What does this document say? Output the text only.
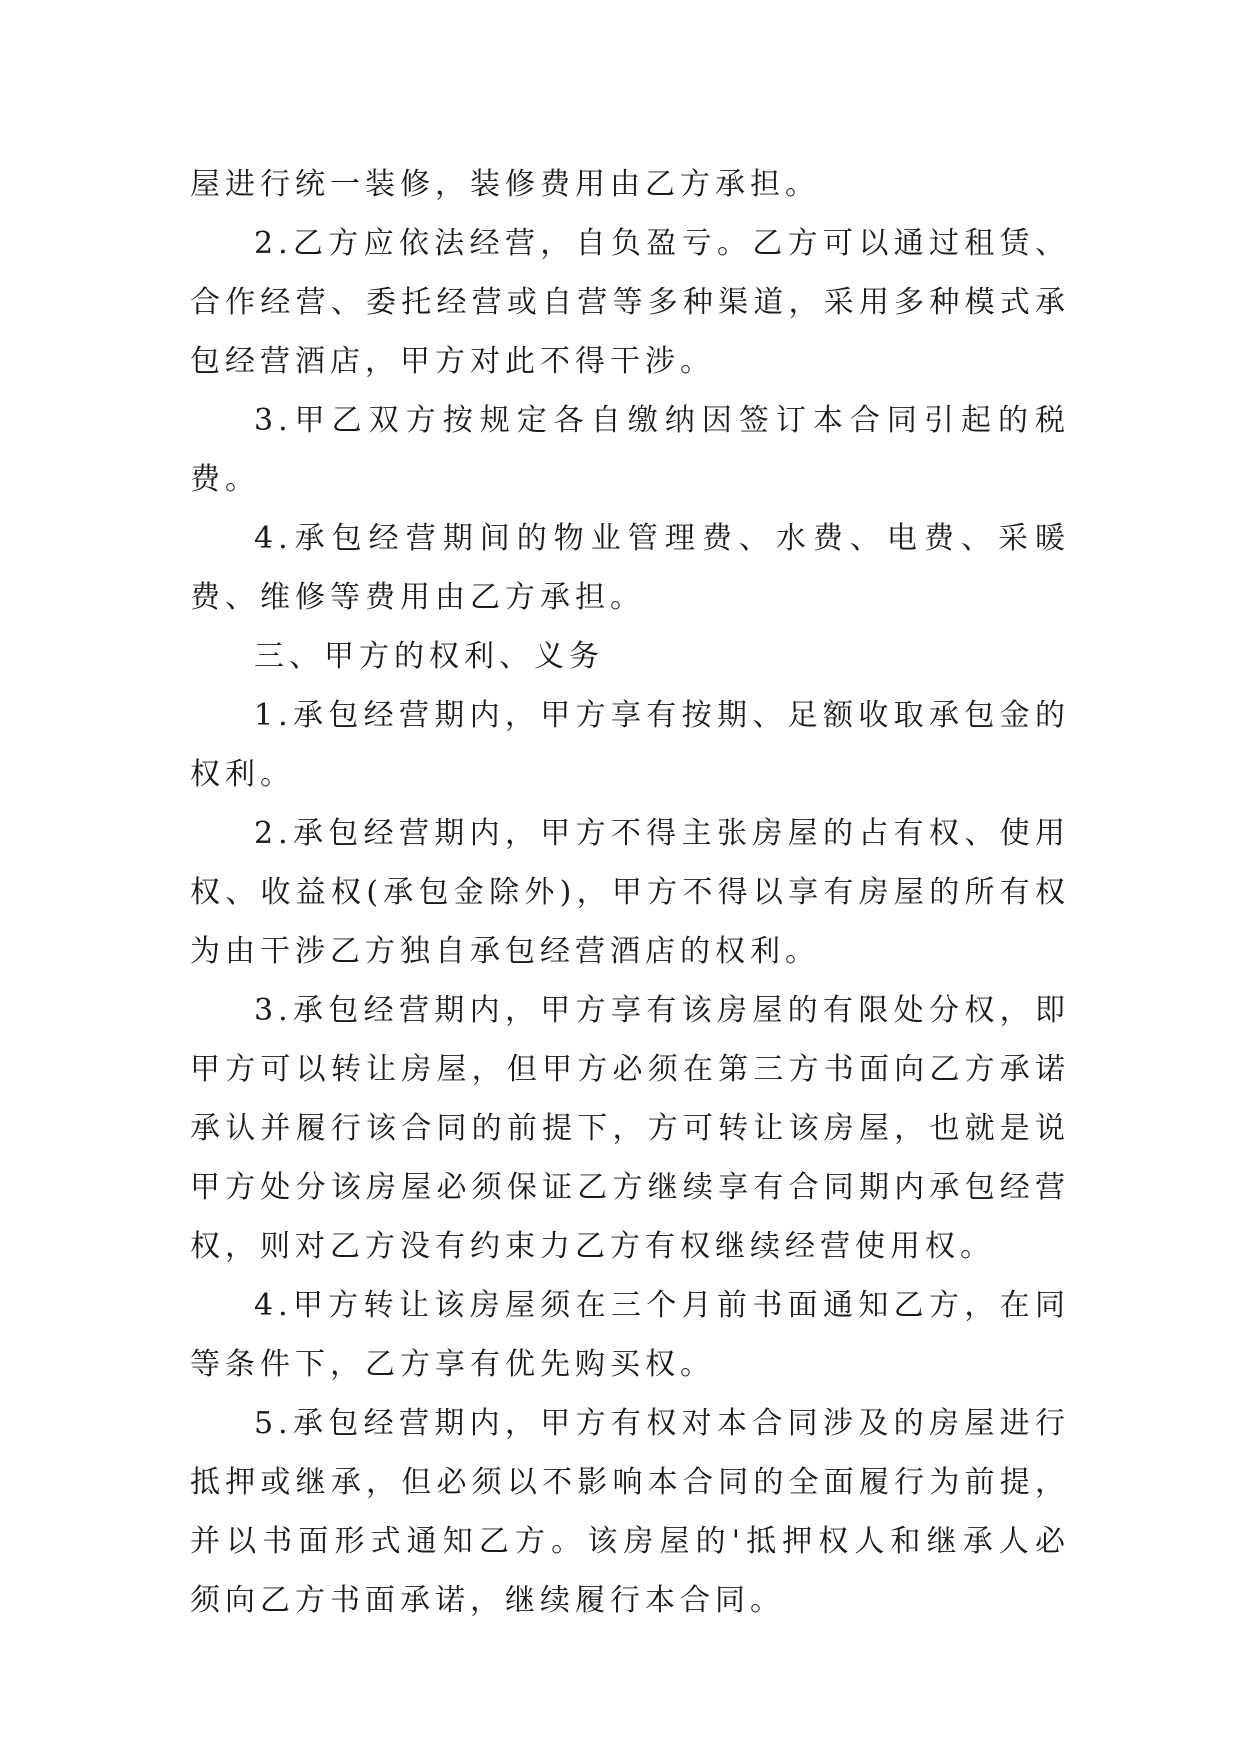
屋进行统一装修，装修费用由乙方承担。

2.乙方应依法经营，自负盈亏。乙方可以通过租赁、合作经营、委托经营或自营等多种渠道，采用多种模式承包经营酒店，甲方对此不得干涉。

3.甲乙双方按规定各自缴纳因签订本合同引起的税费。

4.承包经营期间的物业管理费、水费、电费、采暖费、维修等费用由乙方承担。

三、甲方的权利、义务

1.承包经营期内，甲方享有按期、足额收取承包金的权利。

2.承包经营期内，甲方不得主张房屋的占有权、使用权、收益权(承包金除外)，甲方不得以享有房屋的所有权为由干涉乙方独自承包经营酒店的权利。

3.承包经营期内，甲方享有该房屋的有限处分权，即甲方可以转让房屋，但甲方必须在第三方书面向乙方承诺承认并履行该合同的前提下，方可转让该房屋，也就是说甲方处分该房屋必须保证乙方继续享有合同期内承包经营权，则对乙方没有约束力乙方有权继续经营使用权。

4.甲方转让该房屋须在三个月前书面通知乙方，在同等条件下，乙方享有优先购买权。

5.承包经营期内，甲方有权对本合同涉及的房屋进行抵押或继承，但必须以不影响本合同的全面履行为前提，并以书面形式通知乙方。该房屋的'抵押权人和继承人必须向乙方书面承诺，继续履行本合同。
